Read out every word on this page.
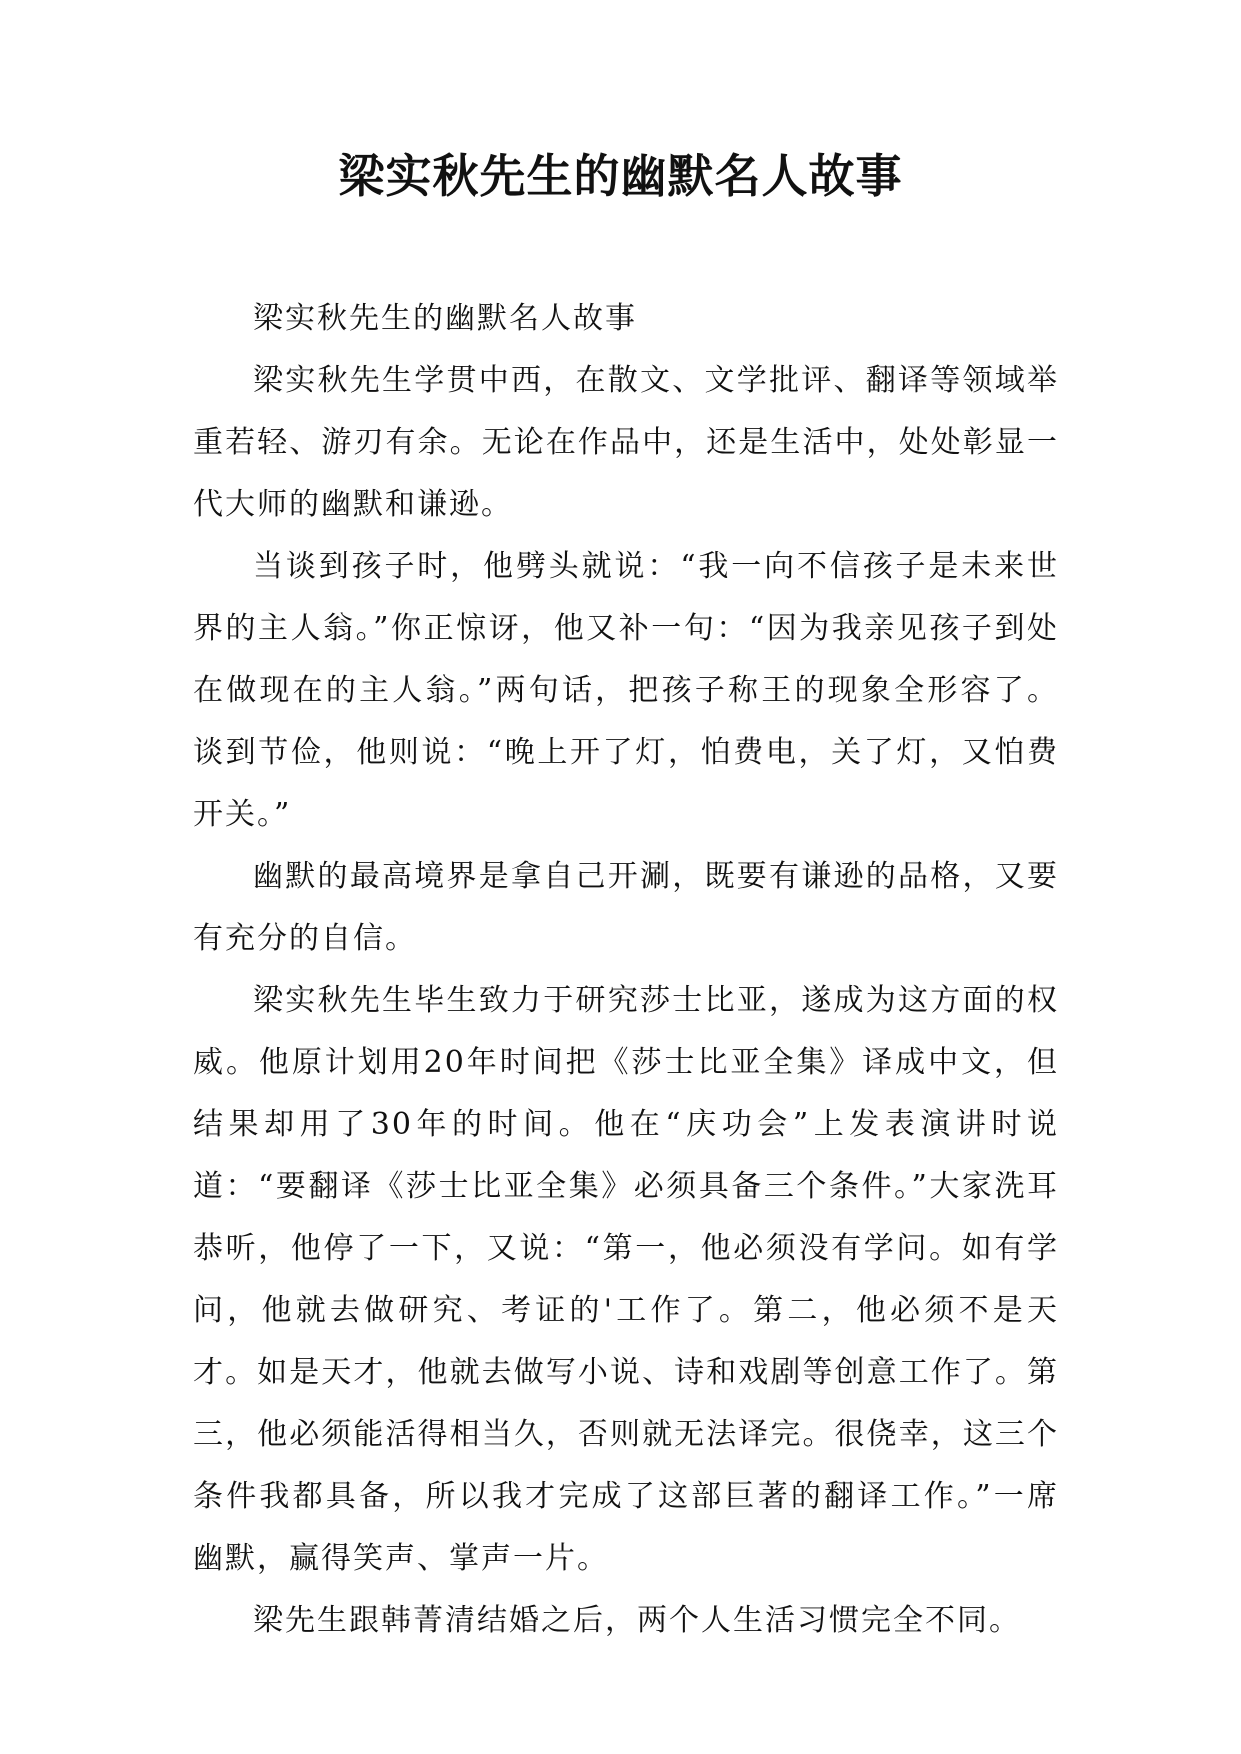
梁实秋先生的幽默名人故事

梁实秋先生的幽默名人故事

梁实秋先生学贯中西，在散文、文学批评、翻译等领域举重若轻、游刃有余。无论在作品中，还是生活中，处处彰显一代大师的幽默和谦逊。

当谈到孩子时，他劈头就说：“我一向不信孩子是未来世界的主人翁。”你正惊讶，他又补一句：“因为我亲见孩子到处在做现在的主人翁。”两句话，把孩子称王的现象全形容了。谈到节俭，他则说：“晚上开了灯，怕费电，关了灯，又怕费开关。”

幽默的最高境界是拿自己开涮，既要有谦逊的品格，又要有充分的自信。

梁实秋先生毕生致力于研究莎士比亚，遂成为这方面的权威。他原计划用20年时间把《莎士比亚全集》译成中文，但结果却用了30年的时间。他在“庆功会”上发表演讲时说道：“要翻译《莎士比亚全集》必须具备三个条件。”大家洗耳恭听，他停了一下，又说：“第一，他必须没有学问。如有学问，他就去做研究、考证的'工作了。第二，他必须不是天才。如是天才，他就去做写小说、诗和戏剧等创意工作了。第三，他必须能活得相当久，否则就无法译完。很侥幸，这三个条件我都具备，所以我才完成了这部巨著的翻译工作。”一席幽默，赢得笑声、掌声一片。

梁先生跟韩菁清结婚之后，两个人生活习惯完全不同。
